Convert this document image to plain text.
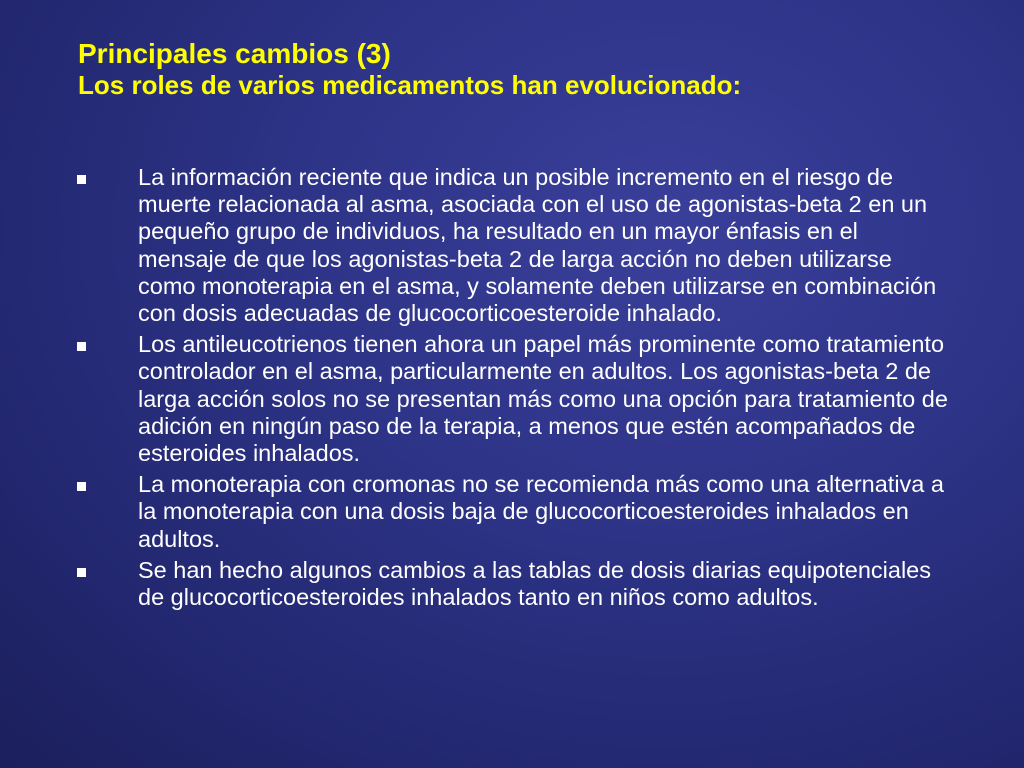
Principales cambios (3)
Los roles de varios medicamentos han evolucionado:
La información reciente que indica un posible incremento en el riesgo de muerte relacionada al asma, asociada con el uso de agonistas-beta 2 en un pequeño grupo de individuos, ha resultado en un mayor énfasis en el mensaje de que los agonistas-beta 2 de larga acción no deben utilizarse como monoterapia en el asma, y solamente deben utilizarse en combinación con dosis adecuadas de glucocorticoesteroide inhalado.
Los antileucotrienos tienen ahora un papel más prominente como tratamiento controlador en el asma, particularmente en adultos. Los agonistas-beta 2 de larga acción solos no se presentan más como una opción para tratamiento de adición en ningún paso de la terapia, a menos que estén acompañados de esteroides inhalados.
La monoterapia con cromonas no se recomienda más como una alternativa a la monoterapia con una dosis baja de glucocorticoesteroides inhalados en adultos.
Se han hecho algunos cambios a las tablas de dosis diarias equipotenciales de glucocorticoesteroides inhalados tanto en niños como adultos.
